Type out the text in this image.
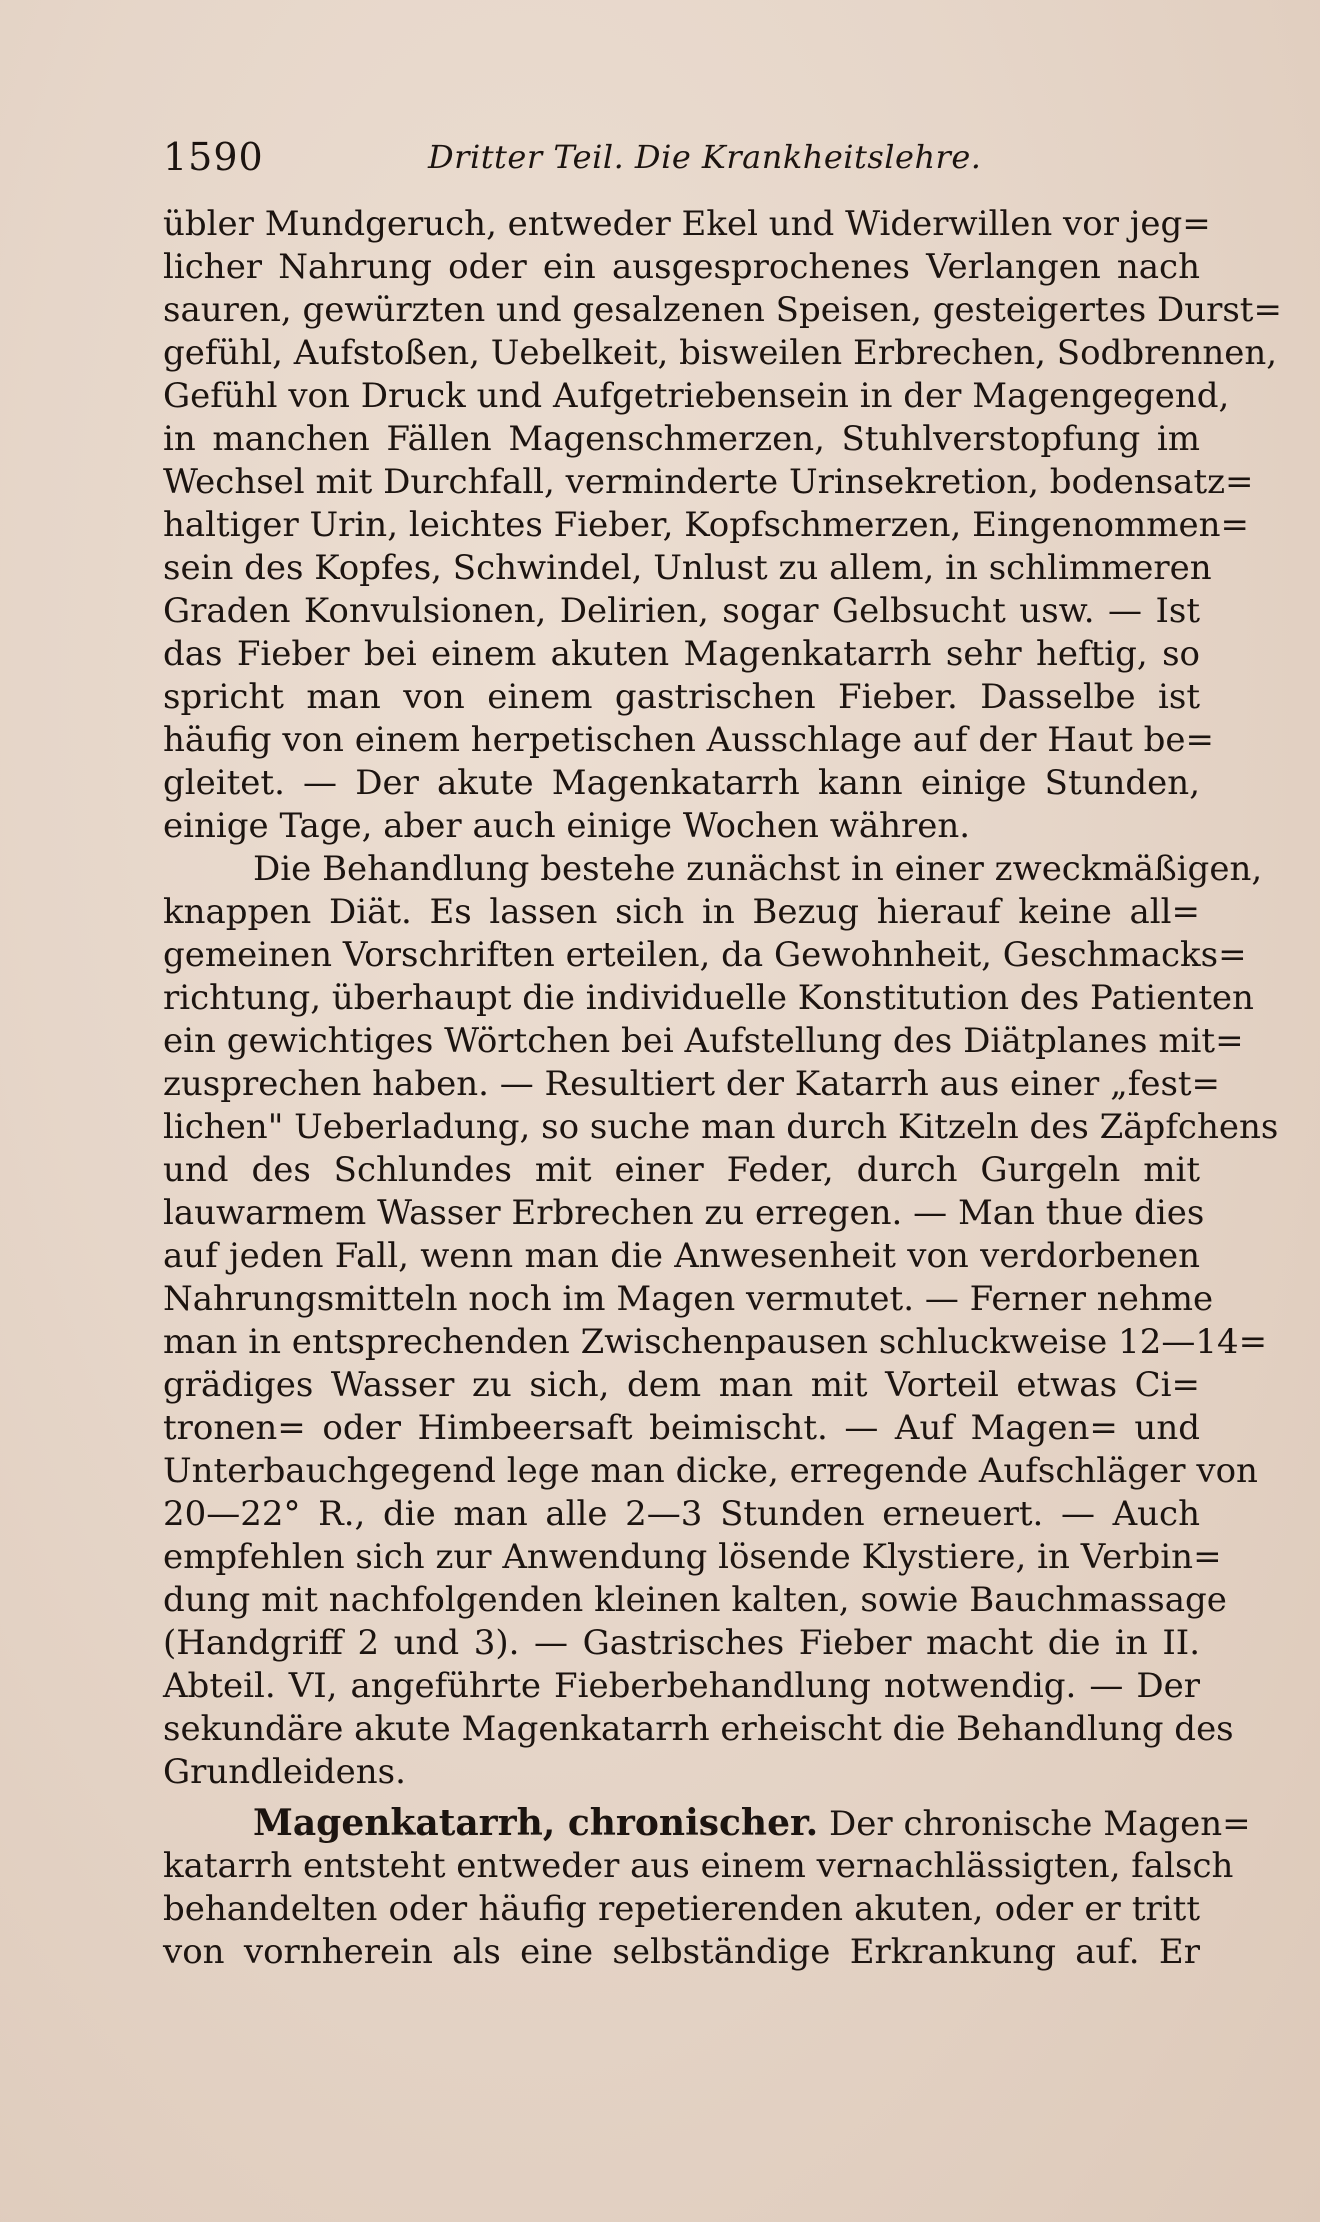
1590	Dritter Teil. Die Krankheitslehre.
übler Mundgeruch, entweder Ekel und Widerwillen vor jeg=
licher Nahrung oder ein ausgesprochenes Verlangen nach
sauren, gewürzten und gesalzenen Speisen, gesteigertes Durst=
gefühl, Aufstoßen, Uebelkeit, bisweilen Erbrechen, Sodbrennen,
Gefühl von Druck und Aufgetriebensein in der Magengegend,
in manchen Fällen Magenschmerzen, Stuhlverstopfung im
Wechsel mit Durchfall, verminderte Urinsekretion, bodensatz=
haltiger Urin, leichtes Fieber, Kopfschmerzen, Eingenommen=
sein des Kopfes, Schwindel, Unlust zu allem, in schlimmeren
Graden Konvulsionen, Delirien, sogar Gelbsucht usw. — Ist
das Fieber bei einem akuten Magenkatarrh sehr heftig, so
spricht man von einem gastrischen Fieber. Dasselbe ist
häufig von einem herpetischen Ausschlage auf der Haut be=
gleitet. — Der akute Magenkatarrh kann einige Stunden,
einige Tage, aber auch einige Wochen währen.
Die Behandlung bestehe zunächst in einer zweckmäßigen,
knappen Diät. Es lassen sich in Bezug hierauf keine all=
gemeinen Vorschriften erteilen, da Gewohnheit, Geschmacks=
richtung, überhaupt die individuelle Konstitution des Patienten
ein gewichtiges Wörtchen bei Aufstellung des Diätplanes mit=
zusprechen haben. — Resultiert der Katarrh aus einer „fest=
lichen" Ueberladung, so suche man durch Kitzeln des Zäpfchens
und des Schlundes mit einer Feder, durch Gurgeln mit
lauwarmem Wasser Erbrechen zu erregen. — Man thue dies
auf jeden Fall, wenn man die Anwesenheit von verdorbenen
Nahrungsmitteln noch im Magen vermutet. — Ferner nehme
man in entsprechenden Zwischenpausen schluckweise 12—14=
grädiges Wasser zu sich, dem man mit Vorteil etwas Ci=
tronen= oder Himbeersaft beimischt. — Auf Magen= und
Unterbauchgegend lege man dicke, erregende Aufschläger von
20—22° R., die man alle 2—3 Stunden erneuert. — Auch
empfehlen sich zur Anwendung lösende Klystiere, in Verbin=
dung mit nachfolgenden kleinen kalten, sowie Bauchmassage
(Handgriff 2 und 3). — Gastrisches Fieber macht die in II.
Abteil. VI, angeführte Fieberbehandlung notwendig. — Der
sekundäre akute Magenkatarrh erheischt die Behandlung des
Grundleidens.
Magenkatarrh, chronischer. Der chronische Magen=
katarrh entsteht entweder aus einem vernachlässigten, falsch
behandelten oder häufig repetierenden akuten, oder er tritt
von vornherein als eine selbständige Erkrankung auf. Er
